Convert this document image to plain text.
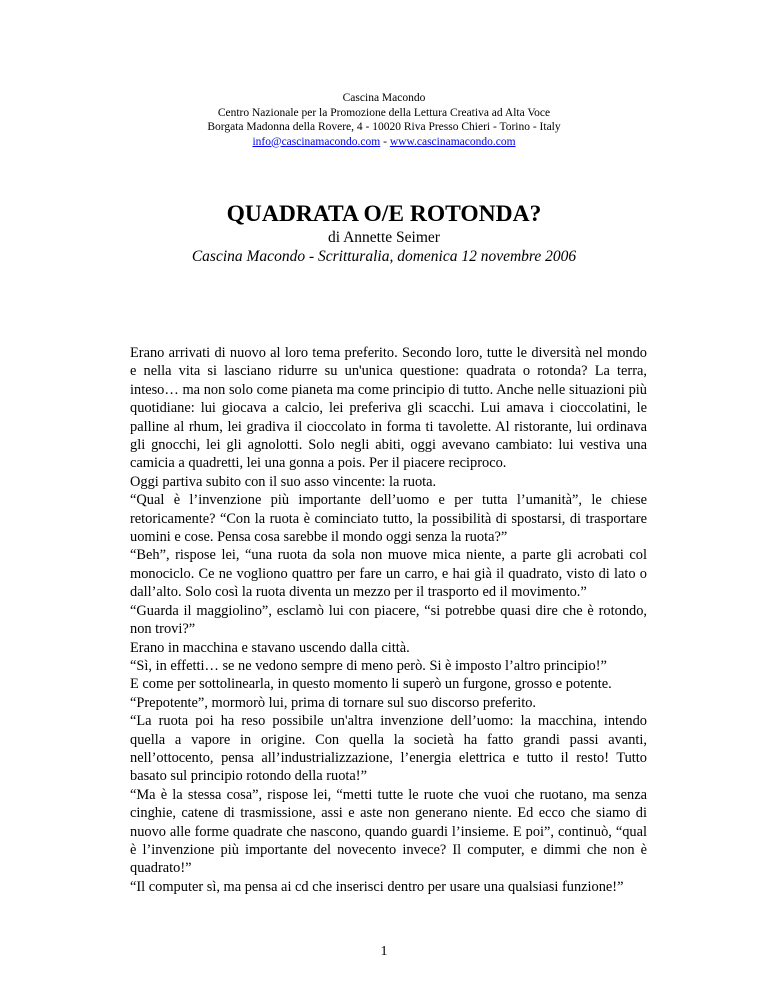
Cascina Macondo
Centro Nazionale per la Promozione della Lettura Creativa ad Alta Voce
Borgata Madonna della Rovere, 4 - 10020 Riva Presso Chieri - Torino - Italy
info@cascinamacondo.com - www.cascinamacondo.com

QUADRATA O/E ROTONDA?

di Annette Seimer

Cascina Macondo - Scritturalia, domenica 12 novembre 2006

Erano arrivati di nuovo al loro tema preferito. Secondo loro, tutte le diversità nel mondo e nella vita si lasciano ridurre su un'unica questione: quadrata o rotonda? La terra, inteso… ma non solo come pianeta ma come principio di tutto. Anche nelle situazioni più quotidiane: lui giocava a calcio, lei preferiva gli scacchi. Lui amava i cioccolatini, le palline al rhum, lei gradiva il cioccolato in forma ti tavolette. Al ristorante, lui ordinava gli gnocchi, lei gli agnolotti. Solo negli abiti, oggi avevano cambiato: lui vestiva una camicia a quadretti, lei una gonna a pois. Per il piacere reciproco.

Oggi partiva subito con il suo asso vincente: la ruota.

“Qual è l’invenzione più importante dell’uomo e per tutta l’umanità”, le chiese retoricamente? “Con la ruota è cominciato tutto, la possibilità di spostarsi, di trasportare uomini e cose. Pensa cosa sarebbe il mondo oggi senza la ruota?”

“Beh”, rispose lei, “una ruota da sola non muove mica niente, a parte gli acrobati col monociclo. Ce ne vogliono quattro per fare un carro, e hai già il quadrato, visto di lato o dall’alto. Solo così la ruota diventa un mezzo per il trasporto ed il movimento.”

“Guarda il maggiolino”, esclamò lui con piacere, “si potrebbe quasi dire che è rotondo, non trovi?”

Erano in macchina e stavano uscendo dalla città.

“Sì, in effetti… se ne vedono sempre di meno però. Si è imposto l’altro principio!”

E come per sottolinearla, in questo momento li superò un furgone, grosso e potente.

“Prepotente”, mormorò lui, prima di tornare sul suo discorso preferito.

“La ruota poi ha reso possibile un'altra invenzione dell’uomo: la macchina, intendo quella a vapore in origine. Con quella la società ha fatto grandi passi avanti, nell’ottocento, pensa all’industrializzazione, l’energia elettrica e tutto il resto! Tutto basato sul principio rotondo della ruota!”

“Ma è la stessa cosa”, rispose lei, “metti tutte le ruote che vuoi che ruotano, ma senza cinghie, catene di trasmissione, assi e aste non generano niente. Ed ecco che siamo di nuovo alle forme quadrate che nascono, quando guardi l’insieme. E poi”, continuò, “qual è l’invenzione più importante del novecento invece? Il computer, e dimmi che non è quadrato!”

“Il computer sì, ma pensa ai cd che inserisci dentro per usare una qualsiasi funzione!”

1
